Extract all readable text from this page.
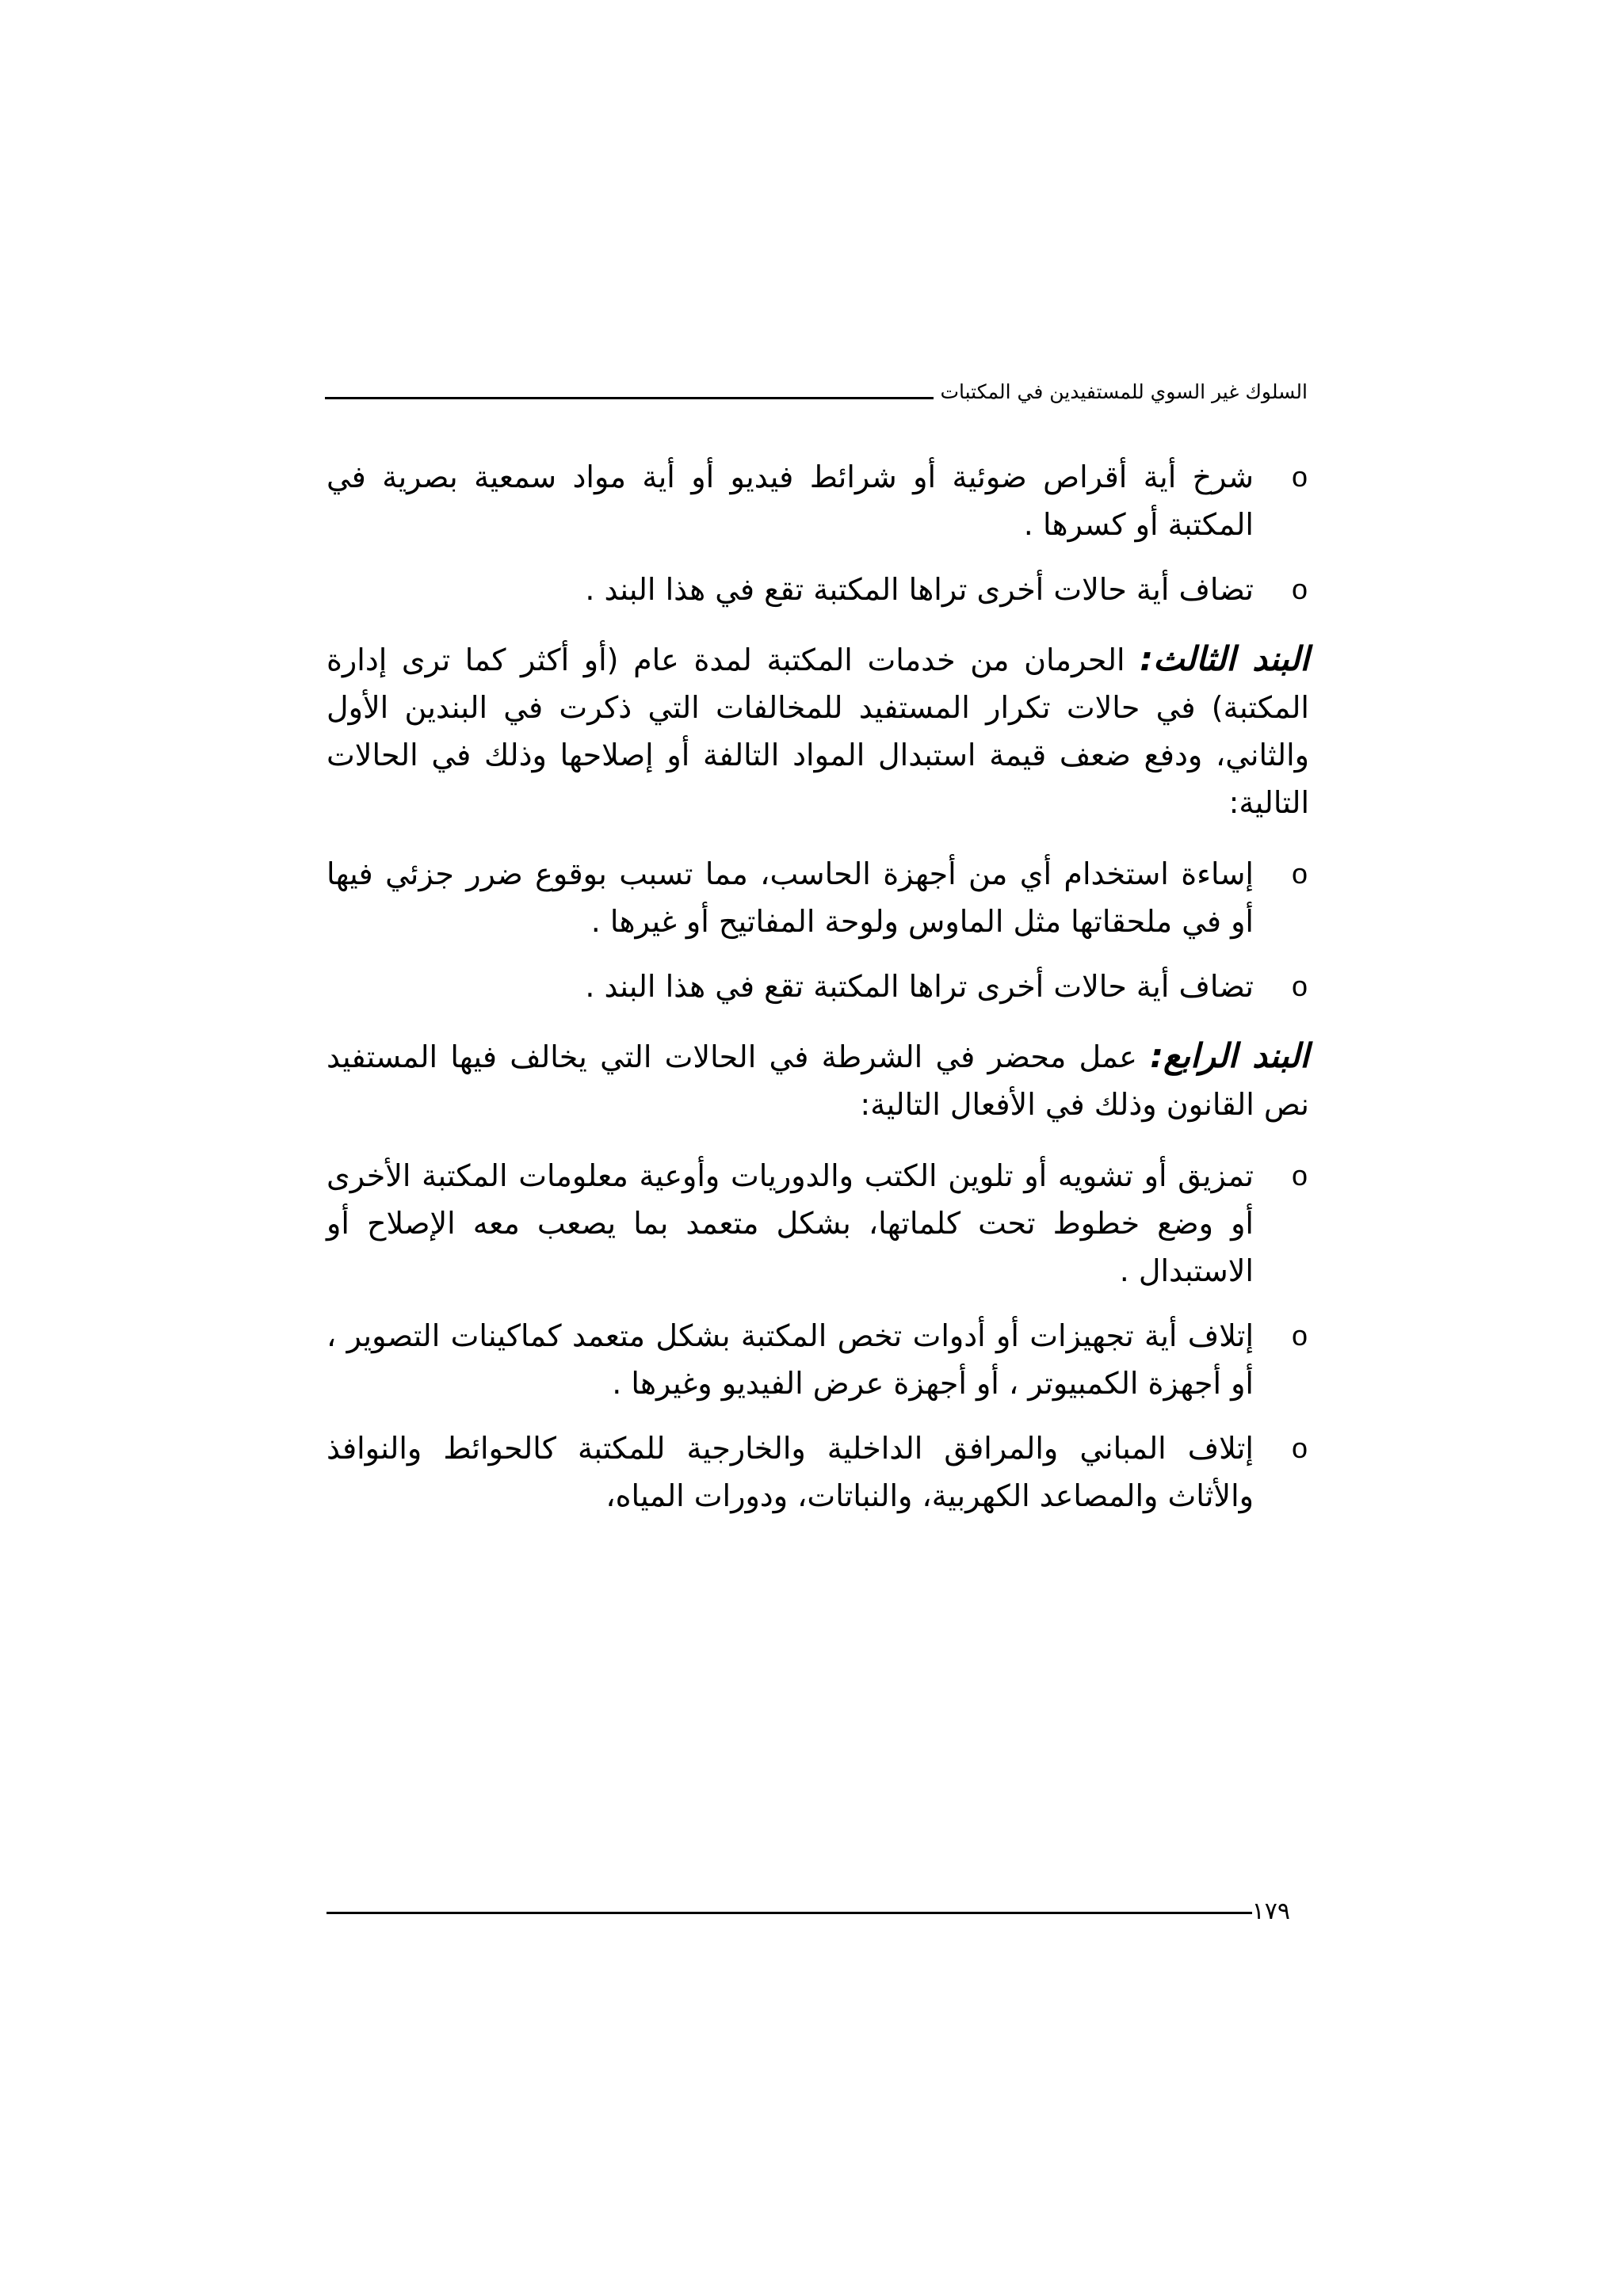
السلوك غير السوي للمستفيدين في المكتبات
o
شرخ أية أقراص ضوئية أو شرائط فيديو أو أية مواد سمعية بصرية في المكتبة أو كسرها .
o
تضاف أية حالات أخرى تراها المكتبة تقع في هذا البند .

البند الثالث: الحرمان من خدمات المكتبة لمدة عام (أو أكثر كما ترى إدارة المكتبة) في حالات تكرار المستفيد للمخالفات التي ذكرت في البندين الأول والثاني، ودفع ضعف قيمة استبدال المواد التالفة أو إصلاحها وذلك في الحالات التالية:

o
إساءة استخدام أي من أجهزة الحاسب، مما تسبب بوقوع ضرر جزئي فيها أو في ملحقاتها مثل الماوس ولوحة المفاتيح أو غيرها .
o
تضاف أية حالات أخرى تراها المكتبة تقع في هذا البند .

البند الرابع: عمل محضر في الشرطة في الحالات التي يخالف فيها المستفيد نص القانون وذلك في الأفعال التالية:

o
تمزيق أو تشويه أو تلوين الكتب والدوريات وأوعية معلومات المكتبة الأخرى أو وضع خطوط تحت كلماتها، بشكل متعمد بما يصعب معه الإصلاح أو الاستبدال .
o
إتلاف أية تجهيزات أو أدوات تخص المكتبة بشكل متعمد كماكينات التصوير ، أو أجهزة الكمبيوتر ، أو أجهزة عرض الفيديو وغيرها .
o
إتلاف المباني والمرافق الداخلية والخارجية للمكتبة كالحوائط والنوافذ والأثاث والمصاعد الكهربية، والنباتات، ودورات المياه،
١٧٩
